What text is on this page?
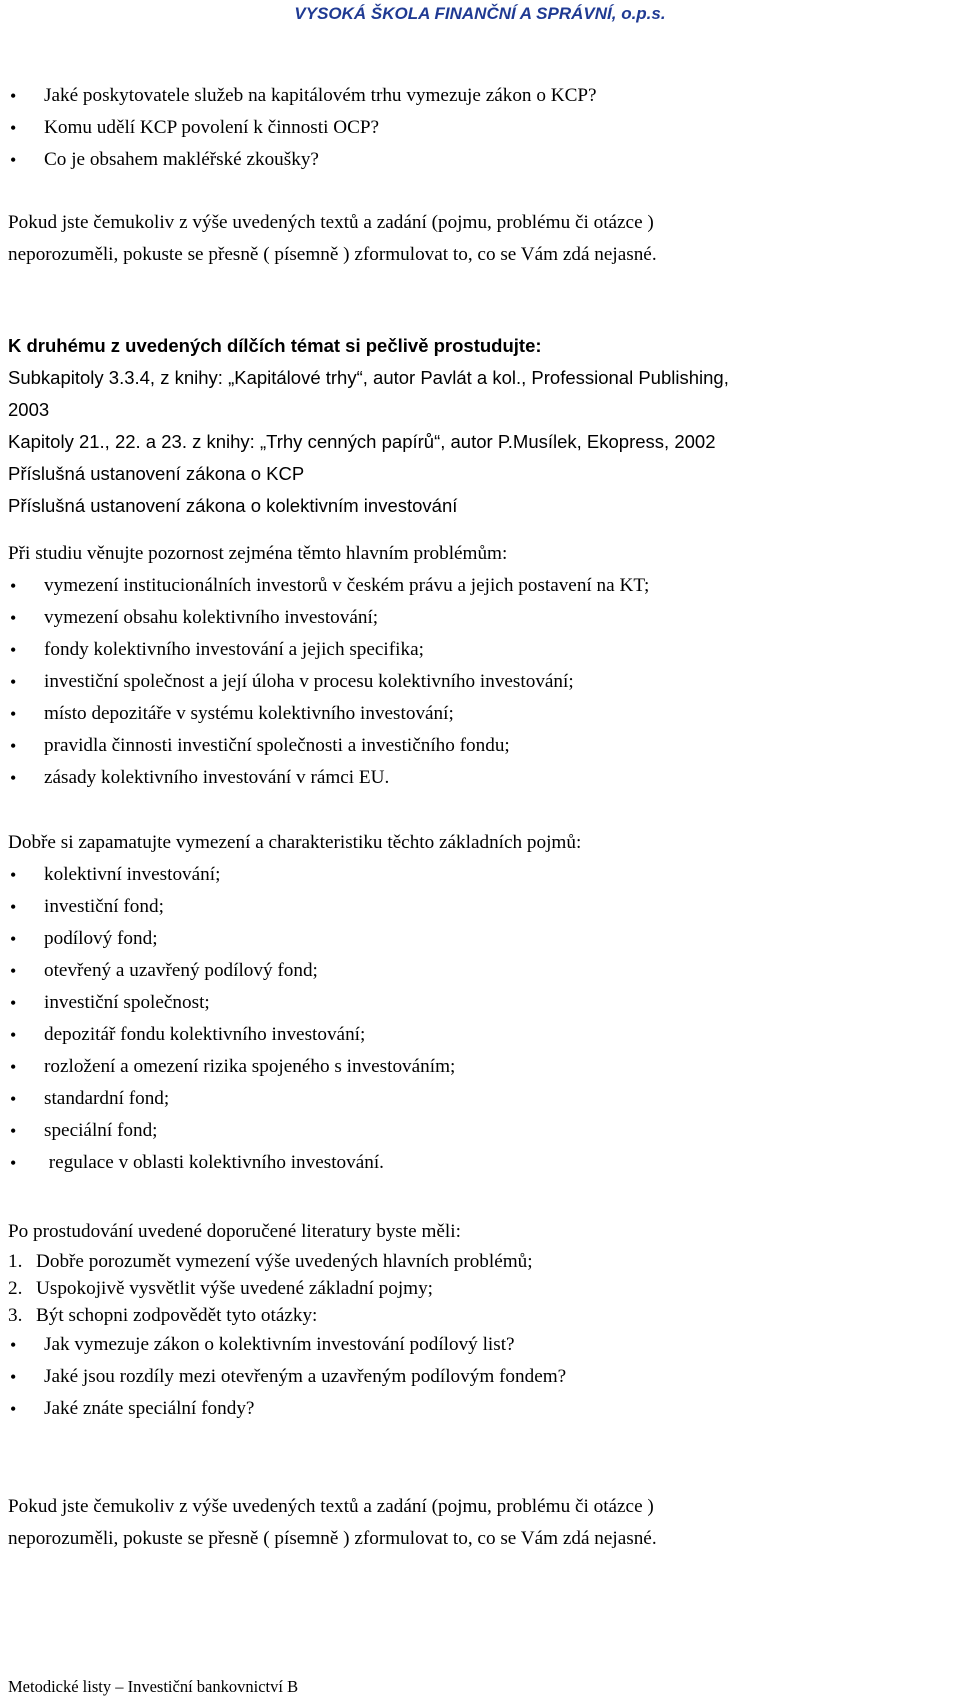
VYSOKÁ ŠKOLA FINANČNÍ A SPRÁVNÍ, o.p.s.
• Jaké poskytovatele služeb na kapitálovém trhu vymezuje zákon o KCP?
• Komu udělí KCP povolení k činnosti OCP?
• Co je obsahem makléřské zkoušky?
Pokud jste čemukoliv z výše uvedených textů a zadání (pojmu, problému či otázce )
neporozuměli, pokuste se přesně ( písemně ) zformulovat to, co se Vám zdá nejasné.
K druhému z uvedených dílčích témat si pečlivě prostudujte:
Subkapitoly 3.3.4, z knihy: „Kapitálové trhy“, autor Pavlát a kol., Professional Publishing,
2003
Kapitoly 21., 22. a 23. z knihy: „Trhy cenných papírů“, autor P.Musílek, Ekopress, 2002
Příslušná ustanovení zákona o KCP
Příslušná ustanovení zákona o kolektivním investování
Při studiu věnujte pozornost zejména těmto hlavním problémům:
• vymezení institucionálních investorů v českém právu a jejich postavení na KT;
• vymezení obsahu kolektivního investování;
• fondy kolektivního investování a jejich specifika;
• investiční společnost a její úloha v procesu kolektivního investování;
• místo depozitáře v systému kolektivního investování;
• pravidla činnosti investiční společnosti a investičního fondu;
• zásady kolektivního investování v rámci EU.
Dobře si zapamatujte vymezení a charakteristiku těchto základních pojmů:
• kolektivní investování;
• investiční fond;
• podílový fond;
• otevřený a uzavřený podílový fond;
• investiční společnost;
• depozitář fondu kolektivního investování;
• rozložení a omezení rizika spojeného s investováním;
• standardní fond;
• speciální fond;
•  regulace v oblasti kolektivního investování.
Po prostudování uvedené doporučené literatury byste měli:
1. Dobře porozumět vymezení výše uvedených hlavních problémů;
2. Uspokojivě vysvětlit výše uvedené základní pojmy;
3. Být schopni zodpovědět tyto otázky:
• Jak vymezuje zákon o kolektivním investování podílový list?
• Jaké jsou rozdíly mezi otevřeným a uzavřeným podílovým fondem?
• Jaké znáte speciální fondy?
Pokud jste čemukoliv z výše uvedených textů a zadání (pojmu, problému či otázce )
neporozuměli, pokuste se přesně ( písemně ) zformulovat to, co se Vám zdá nejasné.
Metodické listy – Investiční bankovnictví B
